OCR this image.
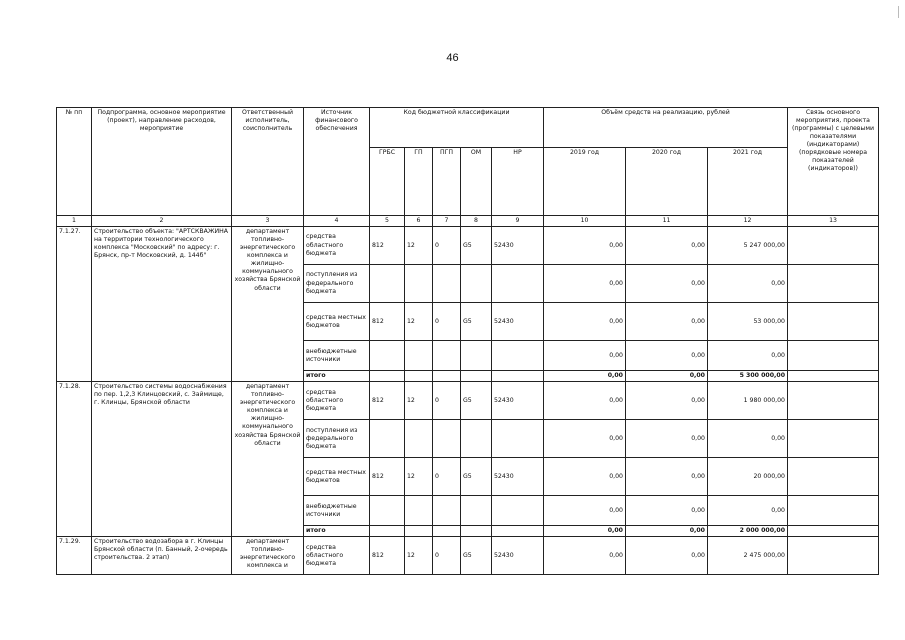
46
№ пп	Подпрограмма, основное мероприятие (проект), направление расходов, мероприятие	Ответственный исполнитель, соисполнитель	Источник финансового обеспечения	Код бюджетной классификации					Объём средств на реализацию, рублей			Связь основного мероприятия, проекта (программы) с целевыми показателями (индикаторами) (порядковые номера показателей (индикаторов))
				ГРБС	ГП	ПГП	ОМ	НР	2019 год	2020 год	2021 год	
1	2	3	4	5	6	7	8	9	10	11	12	13
7.1.27.	Строительство объекта: "АРТСКВАЖИНА на территории технологического комплекса "Московский" по адресу: г. Брянск, пр-т Московский, д. 144б"	департамент топливно-энергетического комплекса и жилищно-коммунального хозяйства Брянской области	средства областного бюджета	812	12	0	G5	52430	0,00	0,00	5 247 000,00	
			поступления из федерального бюджета						0,00	0,00	0,00	
			средства местных бюджетов	812	12	0	G5	52430	0,00	0,00	53 000,00	
			внебюджетные источники						0,00	0,00	0,00	
			итого						0,00	0,00	5 300 000,00	
7.1.28.	Строительство системы водоснабжения по пер. 1,2,3 Клинцовский, с. Займище, г. Клинцы, Брянской области	департамент топливно-энергетического комплекса и жилищно-коммунального хозяйства Брянской области	средства областного бюджета	812	12	0	G5	52430	0,00	0,00	1 980 000,00	
			поступления из федерального бюджета						0,00	0,00	0,00	
			средства местных бюджетов	812	12	0	G5	52430	0,00	0,00	20 000,00	
			внебюджетные источники						0,00	0,00	0,00	
			итого						0,00	0,00	2 000 000,00	
7.1.29.	Строительство водозабора в г. Клинцы Брянской области (п. Банный, 2-очередь строительства. 2 этап)	департамент топливно-энергетического комплекса и	средства областного бюджета	812	12	0	G5	52430	0,00	0,00	2 475 000,00	
